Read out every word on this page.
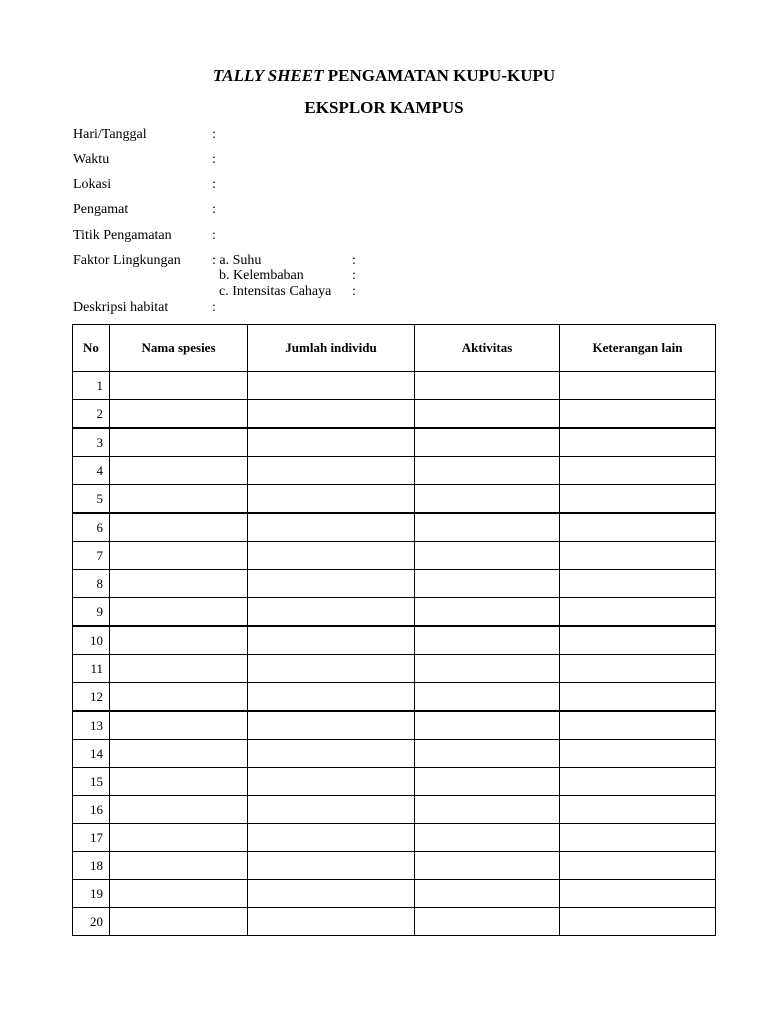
TALLY SHEET PENGAMATAN KUPU-KUPU
EKSPLOR KAMPUS
Hari/Tanggal	:
Waktu	:
Lokasi	:
Pengamat	:
Titik Pengamatan	:
Faktor Lingkungan : a. Suhu	:
b. Kelembaban	:
c. Intensitas Cahaya :
Deskripsi habitat	:
No	Nama spesies	Jumlah individu	Aktivitas	Keterangan lain
1				
2				
3				
4				
5				
6				
7				
8				
9				
10				
11				
12				
13				
14				
15				
16				
17				
18				
19				
20				
